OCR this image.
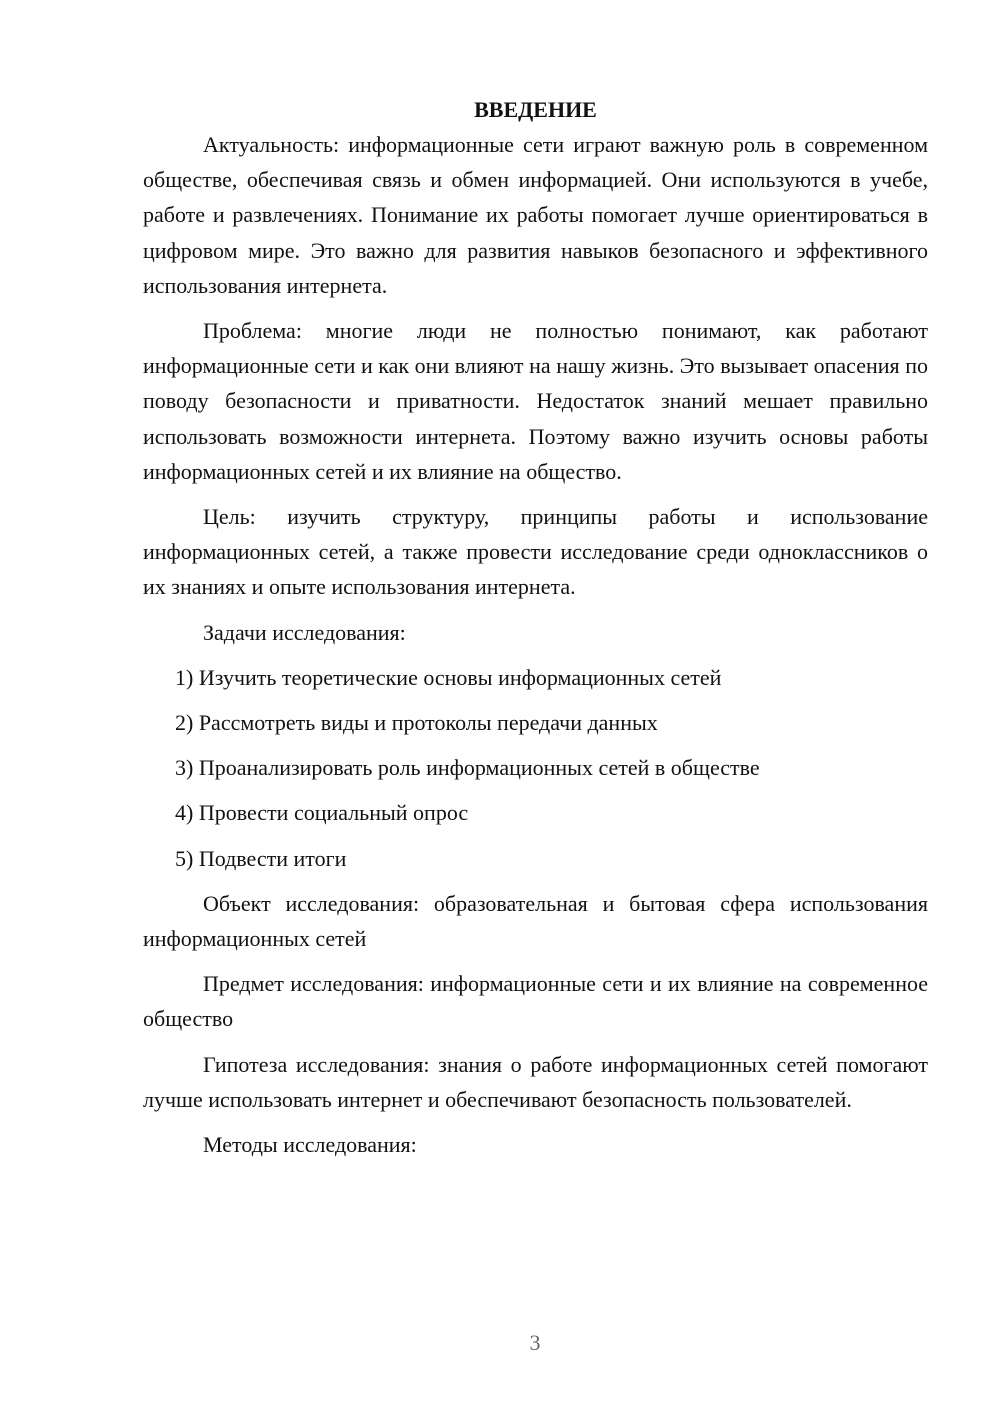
ВВЕДЕНИЕ

Актуальность: информационные сети играют важную роль в современном обществе, обеспечивая связь и обмен информацией. Они используются в учебе, работе и развлечениях. Понимание их работы помогает лучше ориентироваться в цифровом мире. Это важно для развития навыков безопасного и эффективного использования интернета.

Проблема: многие люди не полностью понимают, как работают информационные сети и как они влияют на нашу жизнь. Это вызывает опасения по поводу безопасности и приватности. Недостаток знаний мешает правильно использовать возможности интернета. Поэтому важно изучить основы работы информационных сетей и их влияние на общество.

Цель: изучить структуру, принципы работы и использование информационных сетей, а также провести исследование среди одноклассников о их знаниях и опыте использования интернета.

Задачи исследования:

1) Изучить теоретические основы информационных сетей
2) Рассмотреть виды и протоколы передачи данных
3) Проанализировать роль информационных сетей в обществе
4) Провести социальный опрос
5) Подвести итоги

Объект исследования: образовательная и бытовая сфера использования информационных сетей

Предмет исследования: информационные сети и их влияние на современное общество

Гипотеза исследования: знания о работе информационных сетей помогают лучше использовать интернет и обеспечивают безопасность пользователей.

Методы исследования:

3
